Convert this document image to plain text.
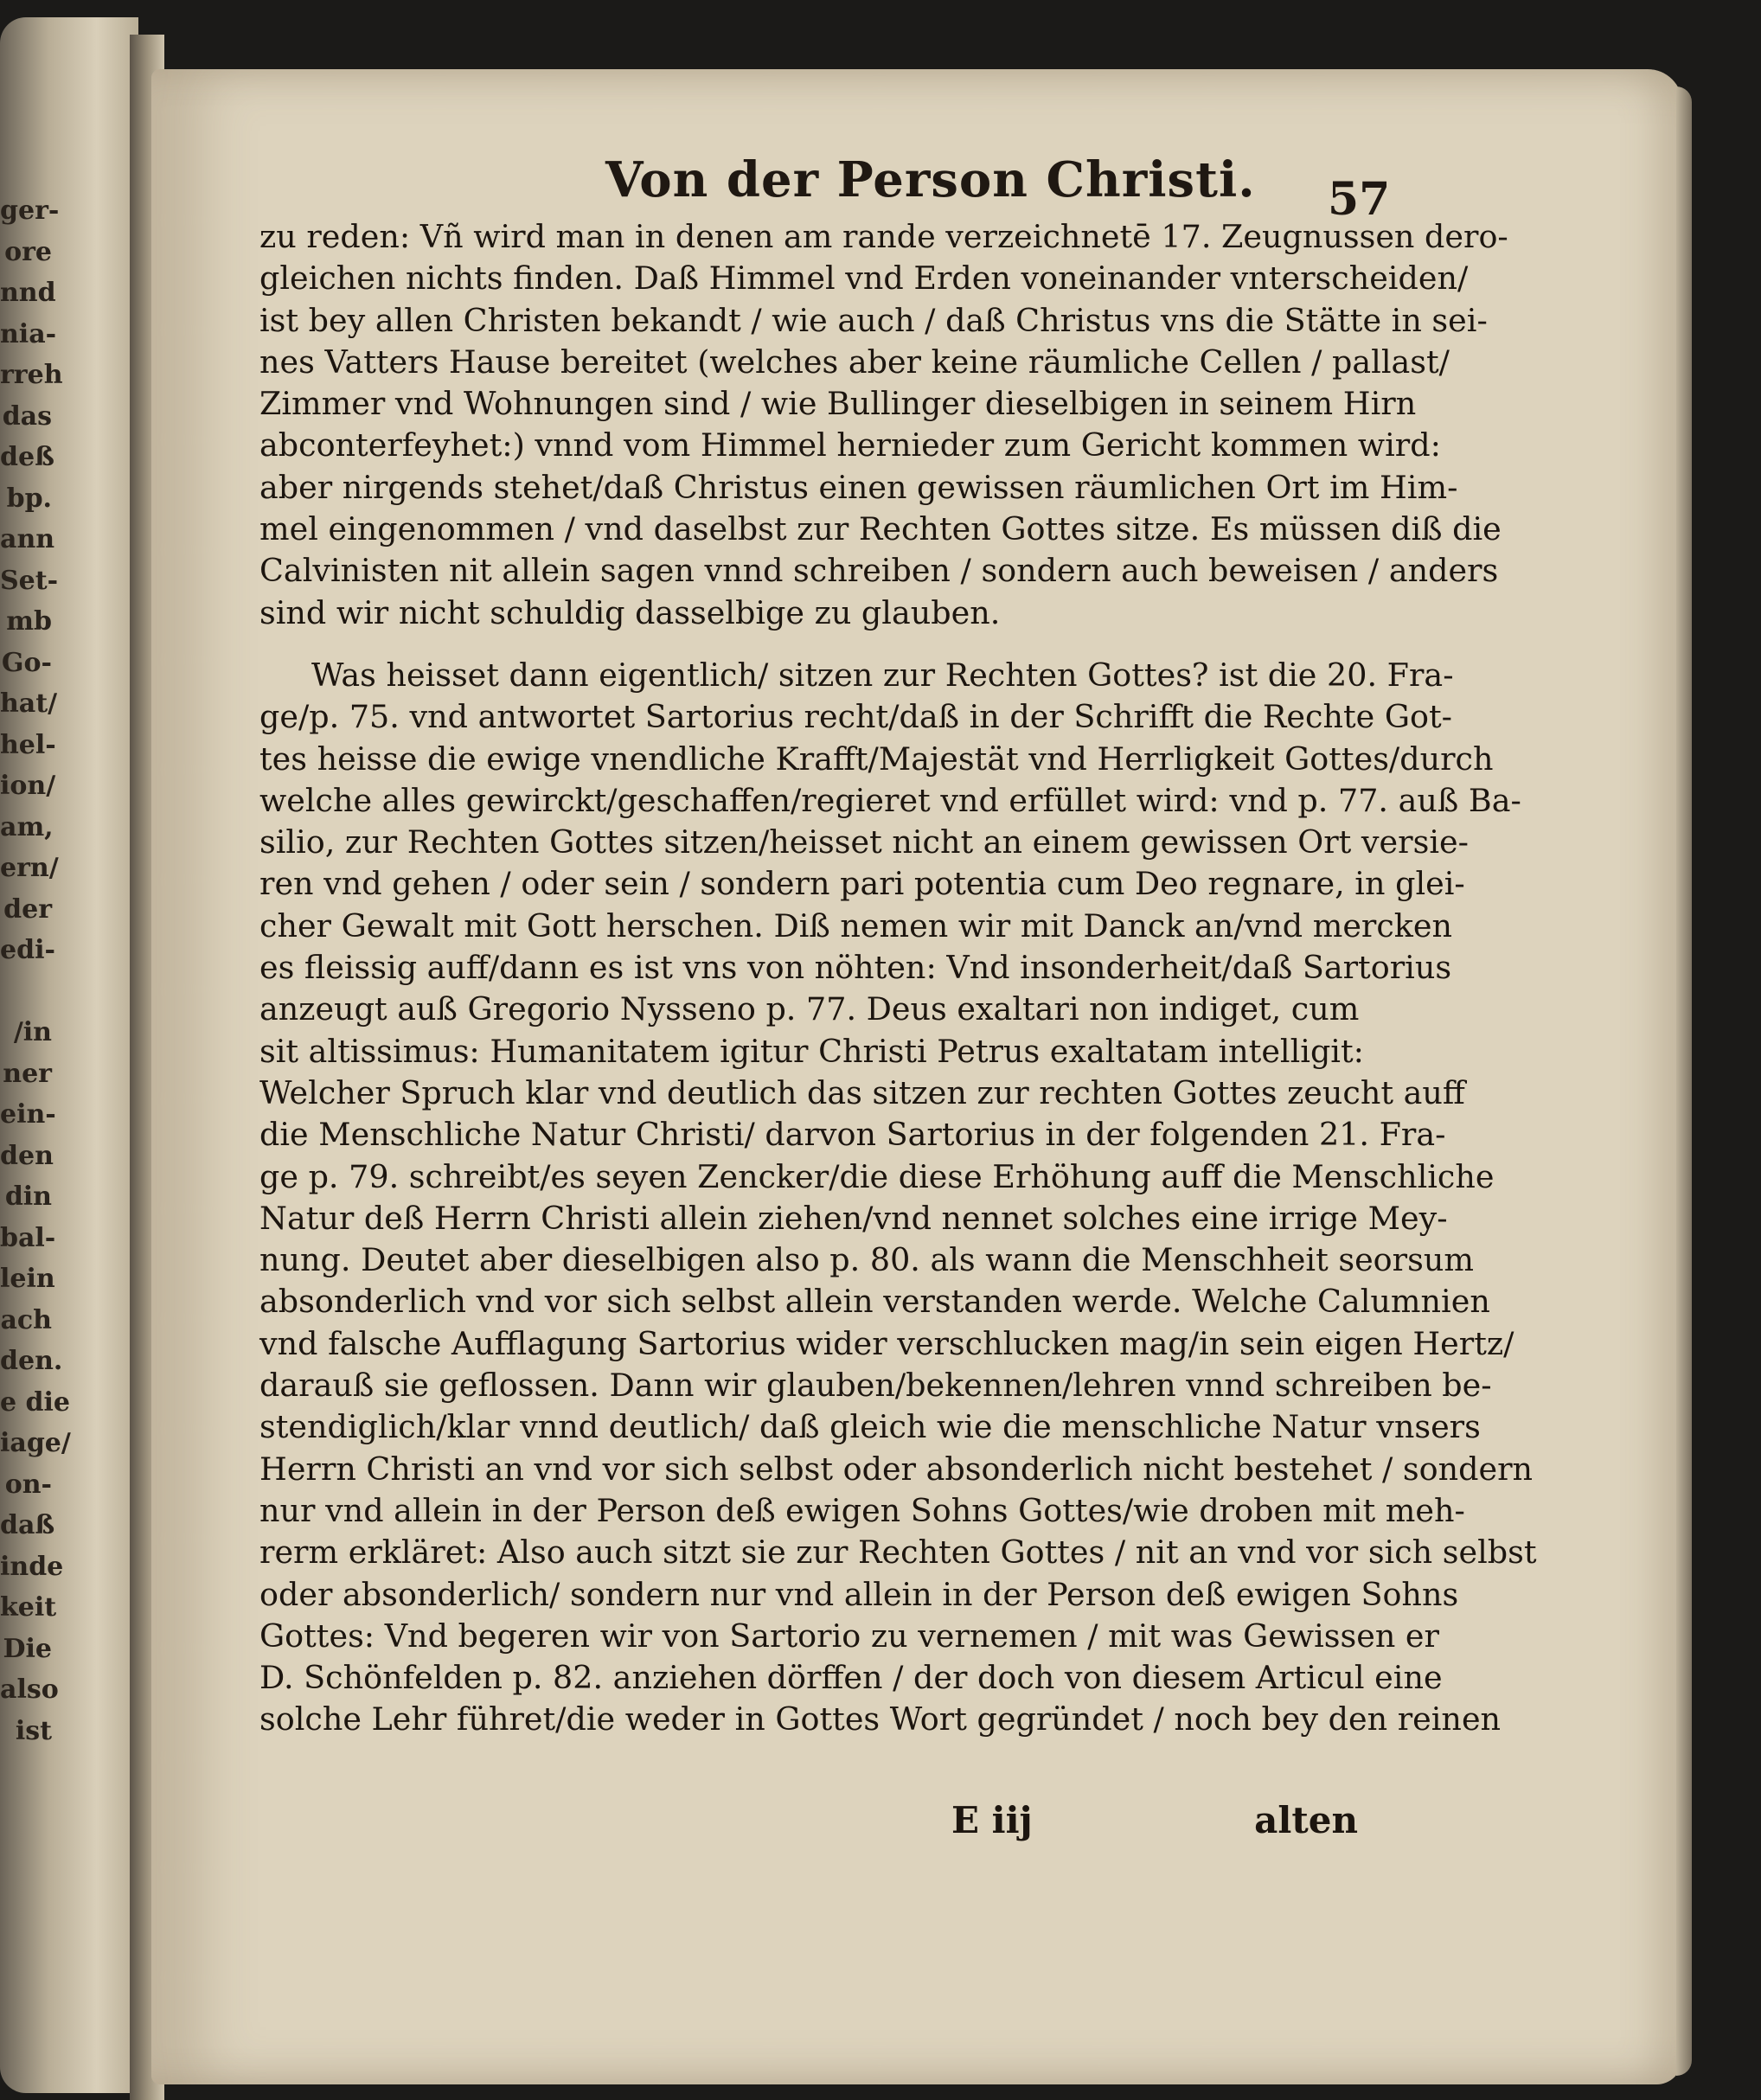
ger-
ore
nnd
nia-
rreh
das
deß
bp.
ann
Set-
mb
Go-
hat/
hel-
ion/
am,
ern/
der
edi-
/in
ner
ein-
den
din
bal-
lein
ach
den.
e die
iage/
on-
daß
inde
keit
Die
also
ist
Von der Person Christi. 57
zu reden: Vñ wird man in denen am rande verzeichnetē 17. Zeugnussen dero-
gleichen nichts finden. Daß Himmel vnd Erden voneinander vnterscheiden/
ist bey allen Christen bekandt / wie auch / daß Christus vns die Stätte in sei-
nes Vatters Hause bereitet (welches aber keine räumliche Cellen / pallast/
Zimmer vnd Wohnungen sind / wie Bullinger dieselbigen in seinem Hirn
abconterfeyhet:) vnnd vom Himmel hernieder zum Gericht kommen wird:
aber nirgends stehet/daß Christus einen gewissen räumlichen Ort im Him-
mel eingenommen / vnd daselbst zur Rechten Gottes sitze. Es müssen diß die
Calvinisten nit allein sagen vnnd schreiben / sondern auch beweisen / anders
sind wir nicht schuldig dasselbige zu glauben.
Was heisset dann eigentlich/ sitzen zur Rechten Gottes? ist die 20. Fra-
ge/p. 75. vnd antwortet Sartorius recht/daß in der Schrifft die Rechte Got-
tes heisse die ewige vnendliche Krafft/Majestät vnd Herrligkeit Gottes/durch
welche alles gewirckt/geschaffen/regieret vnd erfüllet wird: vnd p. 77. auß Ba-
silio, zur Rechten Gottes sitzen/heisset nicht an einem gewissen Ort versie-
ren vnd gehen / oder sein / sondern pari potentia cum Deo regnare, in glei-
cher Gewalt mit Gott herschen. Diß nemen wir mit Danck an/vnd mercken
es fleissig auff/dann es ist vns von nöhten: Vnd insonderheit/daß Sartorius
anzeugt auß Gregorio Nysseno p. 77. Deus exaltari non indiget, cum
sit altissimus: Humanitatem igitur Christi Petrus exaltatam intelligit:
Welcher Spruch klar vnd deutlich das sitzen zur rechten Gottes zeucht auff
die Menschliche Natur Christi/ darvon Sartorius in der folgenden 21. Fra-
ge p. 79. schreibt/es seyen Zencker/die diese Erhöhung auff die Menschliche
Natur deß Herrn Christi allein ziehen/vnd nennet solches eine irrige Mey-
nung. Deutet aber dieselbigen also p. 80. als wann die Menschheit seorsum
absonderlich vnd vor sich selbst allein verstanden werde. Welche Calumnien
vnd falsche Aufflagung Sartorius wider verschlucken mag/in sein eigen Hertz/
darauß sie geflossen. Dann wir glauben/bekennen/lehren vnnd schreiben be-
stendiglich/klar vnnd deutlich/ daß gleich wie die menschliche Natur vnsers
Herrn Christi an vnd vor sich selbst oder absonderlich nicht bestehet / sondern
nur vnd allein in der Person deß ewigen Sohns Gottes/wie droben mit meh-
rerm erkläret: Also auch sitzt sie zur Rechten Gottes / nit an vnd vor sich selbst
oder absonderlich/ sondern nur vnd allein in der Person deß ewigen Sohns
Gottes: Vnd begeren wir von Sartorio zu vernemen / mit was Gewissen er
D. Schönfelden p. 82. anziehen dörffen / der doch von diesem Articul eine
solche Lehr führet/die weder in Gottes Wort gegründet / noch bey den reinen
E iij	alten
